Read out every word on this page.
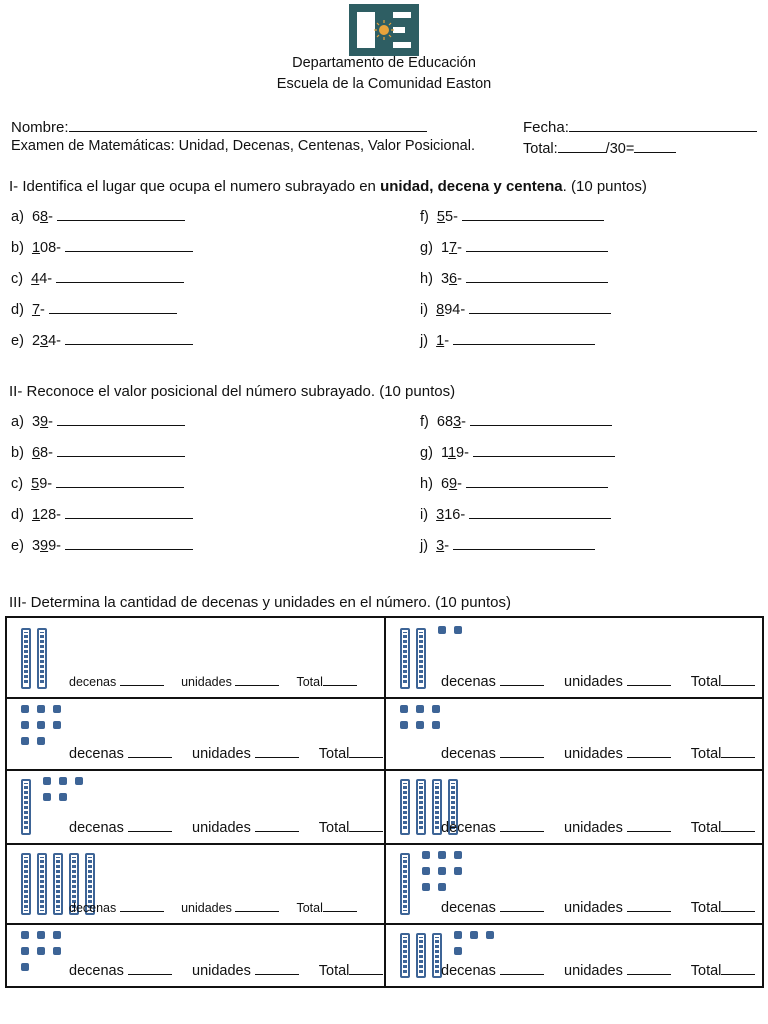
Departamento de Educación
Escuela de la Comunidad Easton
Nombre:	Fecha:
Examen de Matemáticas: Unidad, Decenas, Centenas, Valor Posicional.	Total:	/30=
I- Identifica el lugar que ocupa el numero subrayado en unidad, decena y centena. (10 puntos)
a)  68-
b)  108-
c)  44-
d)  7-
e)  234-
f)  55-
g)  17-
h)  36-
i)  894-
j)  1-
II- Reconoce el valor posicional del número subrayado. (10 puntos)
a)  39-
b)  68-
c)  59-
d)  128-
e)  399-
f)  683-
g)  119-
h)  69-
i)  316-
j)  3-
III- Determina la cantidad de decenas y unidades en el número. (10 puntos)
decenas	unidades	Total	decenas	unidades	Total
decenas	unidades	Total	decenas	unidades	Total
decenas	unidades	Total	decenas	unidades	Total
decenas	unidades	Total	decenas	unidades	Total
decenas	unidades	Total	decenas	unidades	Total
